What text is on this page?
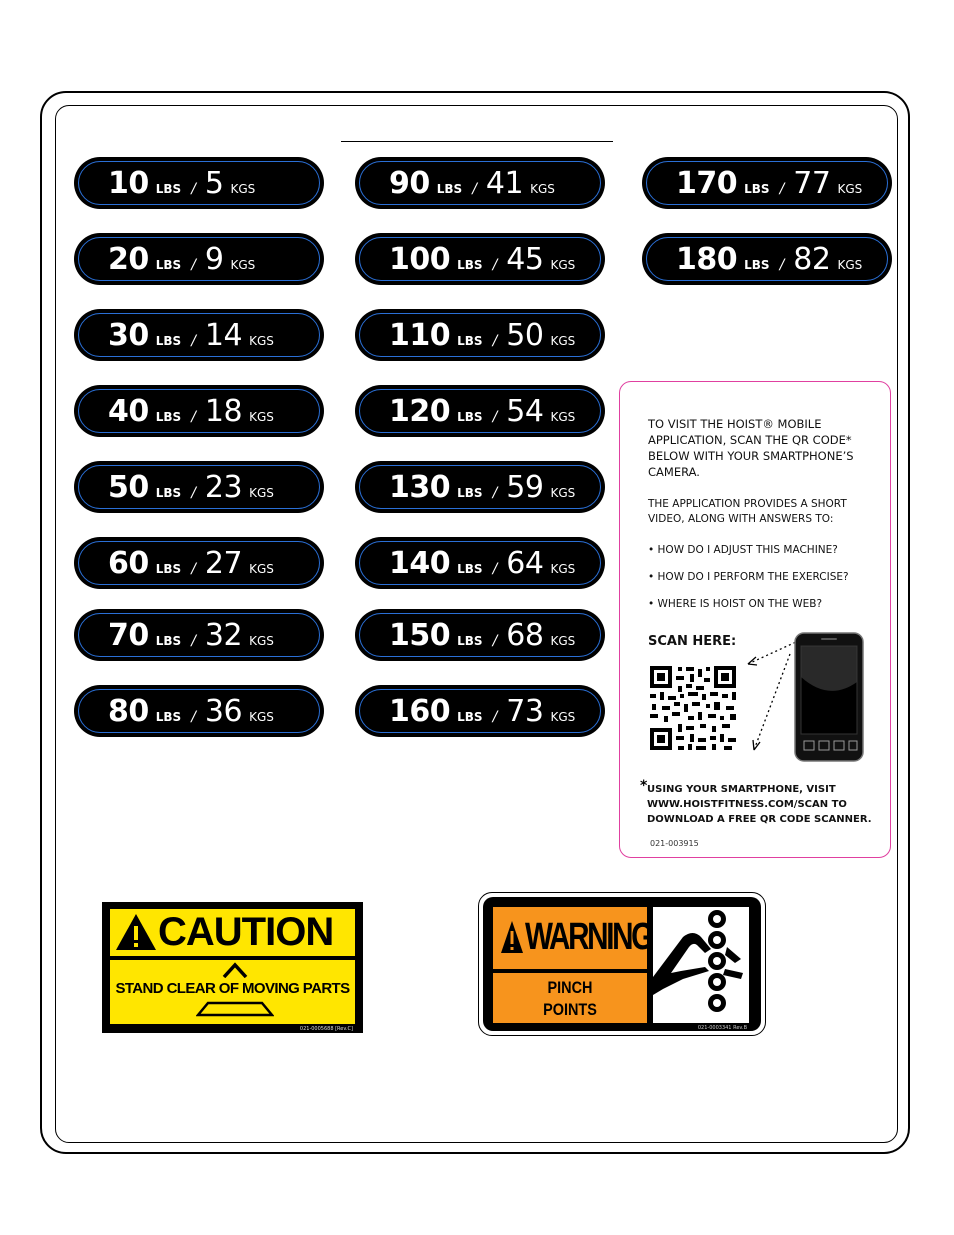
10 LBS / 5 KGS
20 LBS / 9 KGS
30 LBS / 14 KGS
40 LBS / 18 KGS
50 LBS / 23 KGS
60 LBS / 27 KGS
70 LBS / 32 KGS
80 LBS / 36 KGS
90 LBS / 41 KGS
100 LBS / 45 KGS
110 LBS / 50 KGS
120 LBS / 54 KGS
130 LBS / 59 KGS
140 LBS / 64 KGS
150 LBS / 68 KGS
160 LBS / 73 KGS
170 LBS / 77 KGS
180 LBS / 82 KGS
TO VISIT THE HOIST® MOBILE
APPLICATION, SCAN THE QR CODE*
BELOW WITH YOUR SMARTPHONE’S
CAMERA.
THE APPLICATION PROVIDES A SHORT
VIDEO, ALONG WITH ANSWERS TO:
• HOW DO I ADJUST THIS MACHINE?
• HOW DO I PERFORM THE EXERCISE?
• WHERE IS HOIST ON THE WEB?
SCAN HERE:
* USING YOUR SMARTPHONE, VISIT
WWW.HOISTFITNESS.COM/SCAN TO
DOWNLOAD A FREE QR CODE SCANNER.
021-003915
CAUTION
STAND CLEAR OF MOVING PARTS
021-0005688 [Rev.C]
WARNING
PINCH
POINTS
021-0003341 Rev.B
